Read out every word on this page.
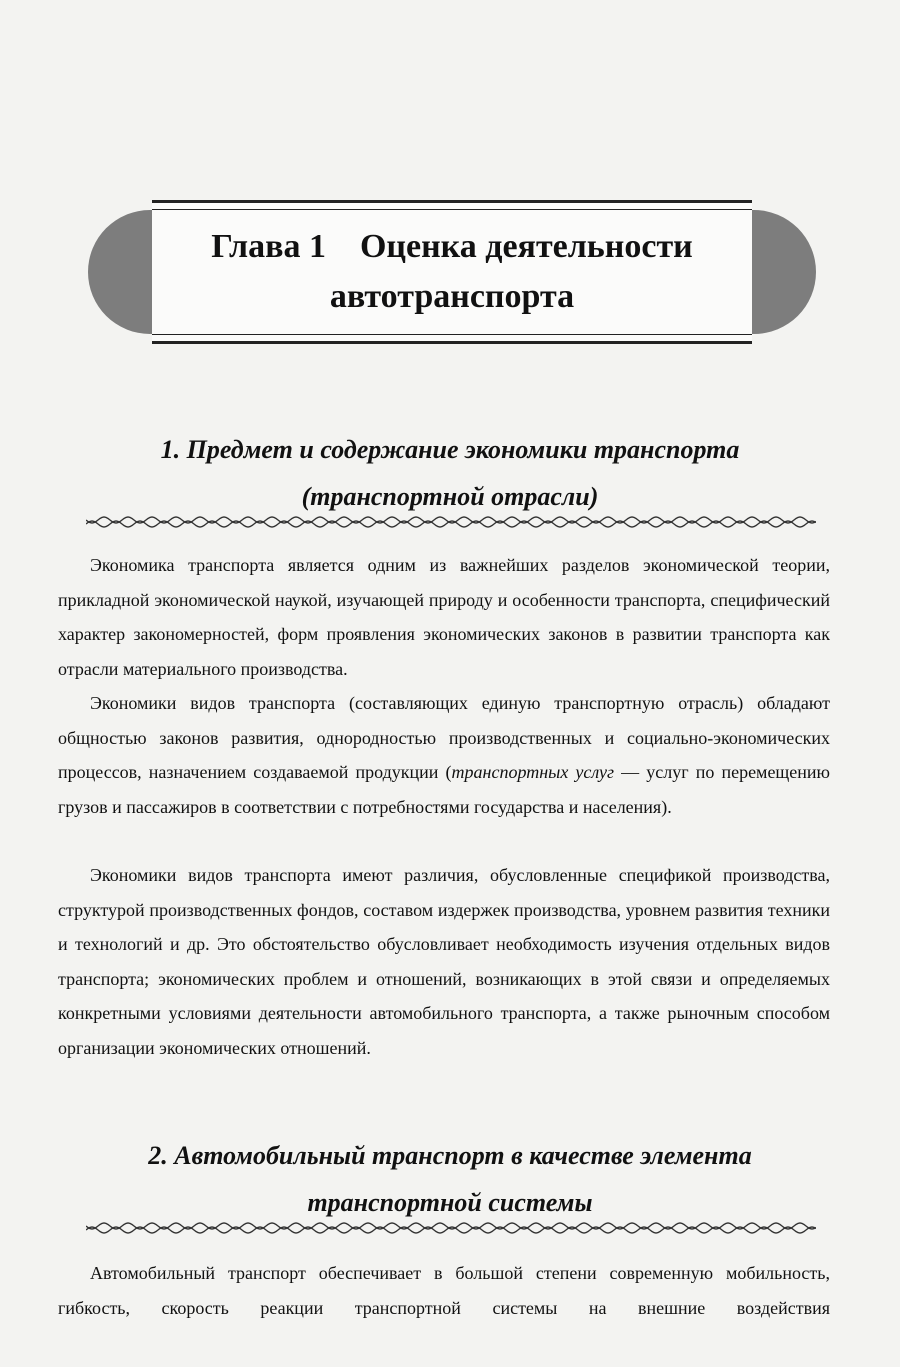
Глава 1    Оценка деятельности
автотранспорта
1. Предмет и содержание экономики транспорта
(транспортной отрасли)

Экономика транспорта является одним из важнейших разделов экономической теории, прикладной экономической наукой, изучающей природу и особенности транспорта, специфический характер закономерностей, форм проявления экономических законов в развитии транспорта как отрасли материального производства.

Экономики видов транспорта (составляющих единую транспортную отрасль) обладают общностью законов развития, однородностью производственных и социально-экономических процессов, назначением создаваемой продукции (транспортных услуг — услуг по перемещению грузов и пассажиров в соответствии с потребностями государства и населения).

Экономики видов транспорта имеют различия, обусловленные спецификой производства, структурой производственных фондов, составом издержек производства, уровнем развития техники и технологий и др. Это обстоятельство обусловливает необходимость изучения отдельных видов транспорта; экономических проблем и отношений, возникающих в этой связи и определяемых конкретными условиями деятельности автомобильного транспорта, а также рыночным способом организации экономических отношений.

2. Автомобильный транспорт в качестве элемента
транспортной системы

Автомобильный транспорт обеспечивает в большой степени современную мобильность, гибкость, скорость реакции транспортной системы на внешние воздействия
